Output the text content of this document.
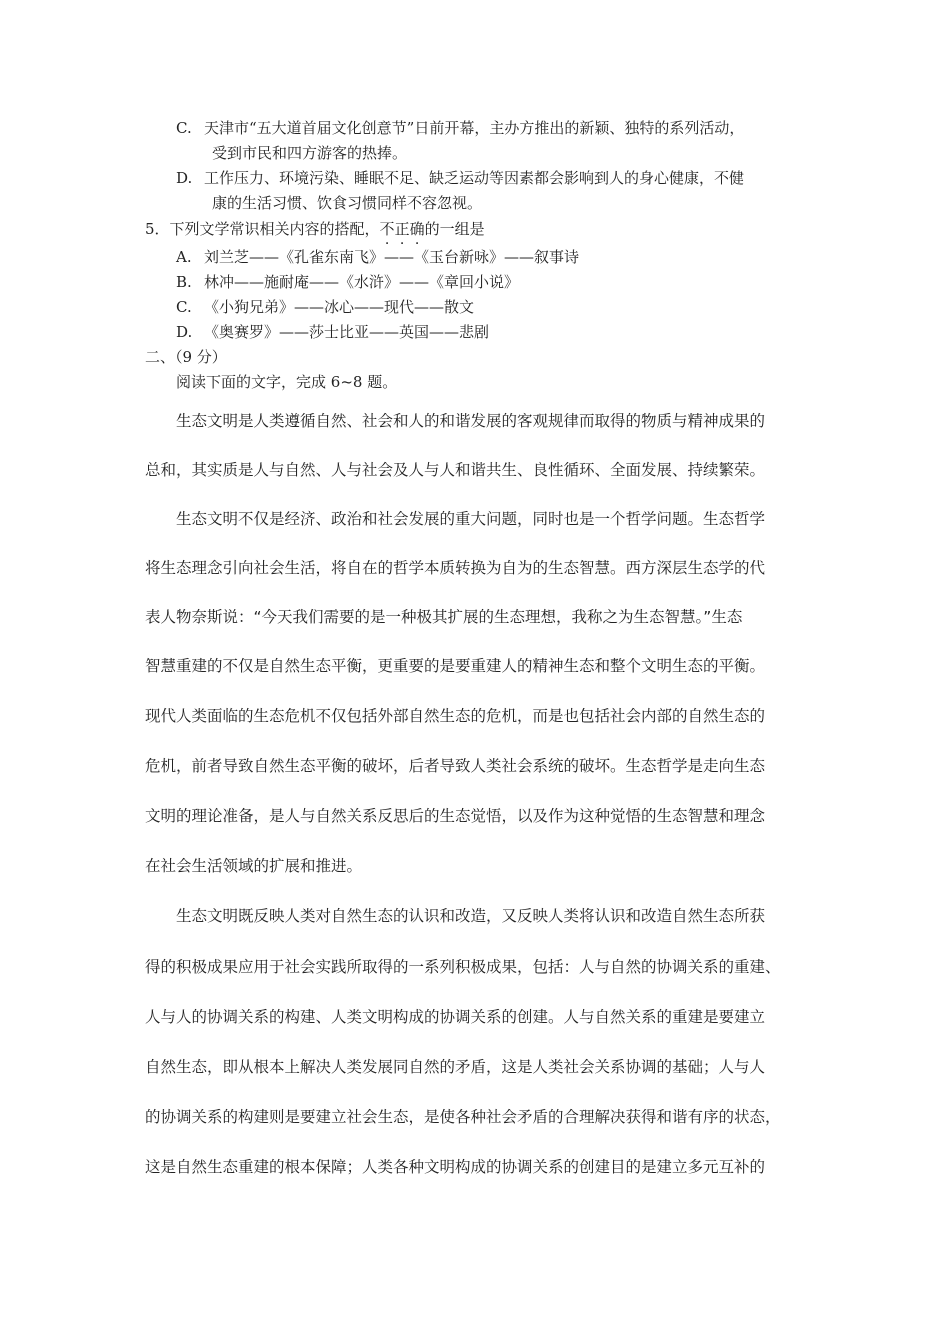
C. 天津市“五大道首届文化创意节”日前开幕，主办方推出的新颖、独特的系列活动，
受到市民和四方游客的热捧。
D. 工作压力、环境污染、睡眠不足、缺乏运动等因素都会影响到人的身心健康，不健
康的生活习惯、饮食习惯同样不容忽视。
5．下列文学常识相关内容的搭配，不正确的一组是
A. 刘兰芝——《孔雀东南飞》——《玉台新咏》——叙事诗
B. 林冲——施耐庵——《水浒》——《章回小说》
C. 《小狗兄弟》——冰心——现代——散文
D. 《奥赛罗》——莎士比亚——英国——悲剧
二、（9 分）
阅读下面的文字，完成 6~8 题。
生态文明是人类遵循自然、社会和人的和谐发展的客观规律而取得的物质与精神成果的
总和，其实质是人与自然、人与社会及人与人和谐共生、良性循环、全面发展、持续繁荣。
生态文明不仅是经济、政治和社会发展的重大问题，同时也是一个哲学问题。生态哲学
将生态理念引向社会生活，将自在的哲学本质转换为自为的生态智慧。西方深层生态学的代
表人物奈斯说：“今天我们需要的是一种极其扩展的生态理想，我称之为生态智慧。”生态
智慧重建的不仅是自然生态平衡，更重要的是要重建人的精神生态和整个文明生态的平衡。
现代人类面临的生态危机不仅包括外部自然生态的危机，而是也包括社会内部的自然生态的
危机，前者导致自然生态平衡的破坏，后者导致人类社会系统的破坏。生态哲学是走向生态
文明的理论准备，是人与自然关系反思后的生态觉悟，以及作为这种觉悟的生态智慧和理念
在社会生活领域的扩展和推进。
生态文明既反映人类对自然生态的认识和改造，又反映人类将认识和改造自然生态所获
得的积极成果应用于社会实践所取得的一系列积极成果，包括：人与自然的协调关系的重建、
人与人的协调关系的构建、人类文明构成的协调关系的创建。人与自然关系的重建是要建立
自然生态，即从根本上解决人类发展同自然的矛盾，这是人类社会关系协调的基础；人与人
的协调关系的构建则是要建立社会生态，是使各种社会矛盾的合理解决获得和谐有序的状态，
这是自然生态重建的根本保障；人类各种文明构成的协调关系的创建目的是建立多元互补的
